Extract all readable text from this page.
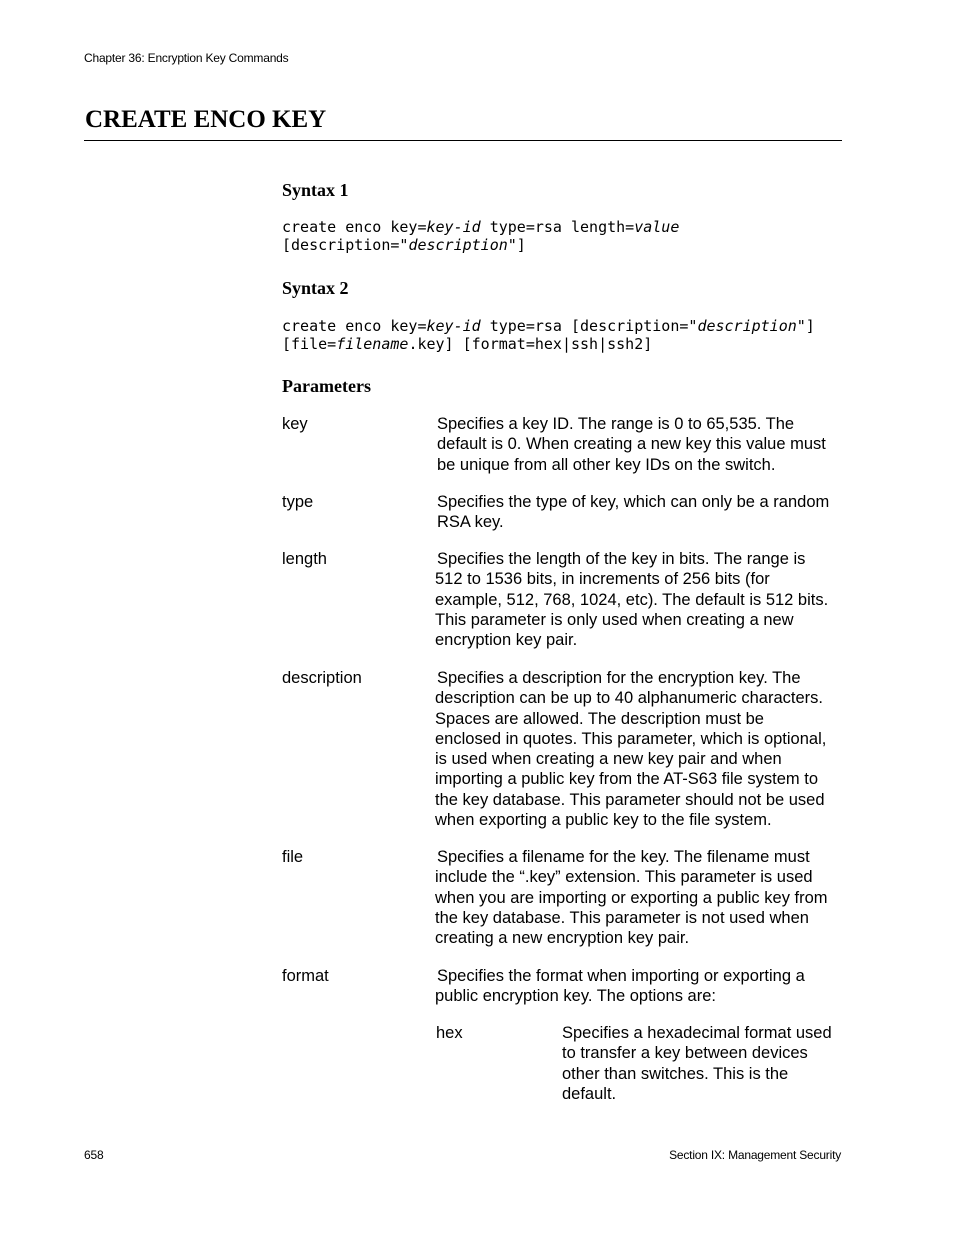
Chapter 36: Encryption Key Commands
CREATE ENCO KEY
Syntax 1
create enco key=key-id type=rsa length=value
[description="description"]
Syntax 2
create enco key=key-id type=rsa [description="description"]
[file=filename.key] [format=hex|ssh|ssh2]
Parameters
key	Specifies a key ID. The range is 0 to 65,535. The
default is 0. When creating a new key this value must
be unique from all other key IDs on the switch.
type	Specifies the type of key, which can only be a random
RSA key.
length	Specifies the length of the key in bits. The range is
512 to 1536 bits, in increments of 256 bits (for
example, 512, 768, 1024, etc). The default is 512 bits.
This parameter is only used when creating a new
encryption key pair.
description	Specifies a description for the encryption key. The
description can be up to 40 alphanumeric characters.
Spaces are allowed. The description must be
enclosed in quotes. This parameter, which is optional,
is used when creating a new key pair and when
importing a public key from the AT-S63 file system to
the key database. This parameter should not be used
when exporting a public key to the file system.
file	Specifies a filename for the key. The filename must
include the “.key” extension. This parameter is used
when you are importing or exporting a public key from
the key database. This parameter is not used when
creating a new encryption key pair.
format	Specifies the format when importing or exporting a
public encryption key. The options are:
hex	Specifies a hexadecimal format used
to transfer a key between devices
other than switches. This is the
default.
658	Section IX: Management Security
